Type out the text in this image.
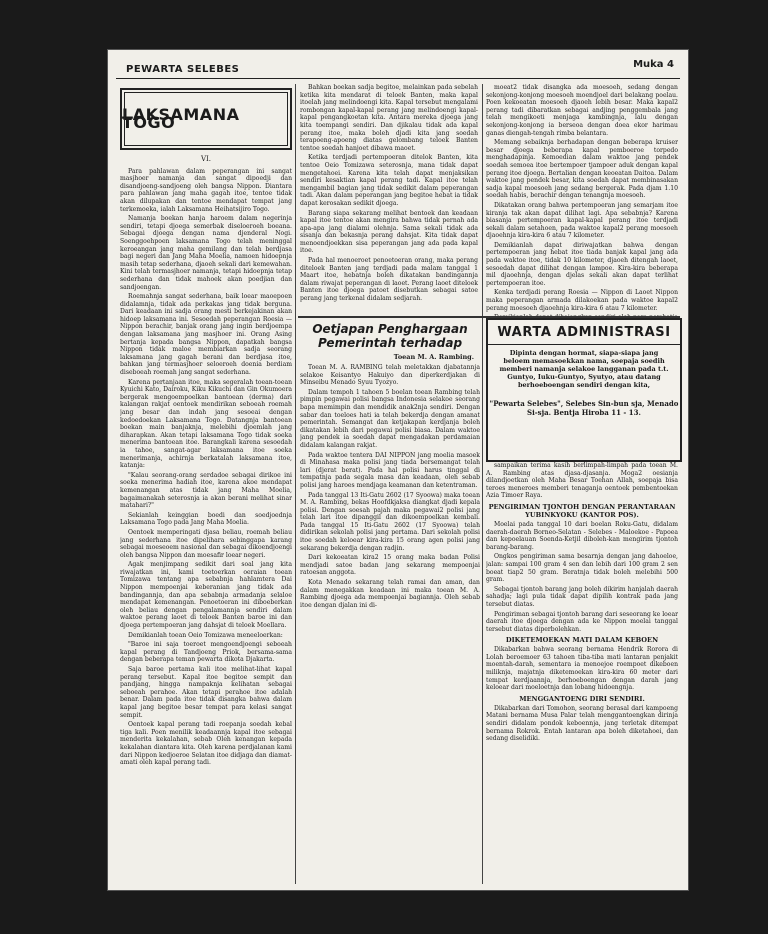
PEWARTA SELEBES	Muka 4
LAKSAMANA TOGO
VI.

Para pahlawan dalam peperangan ini sangat masjhoer namanja dan sangat dipoedji dan disandjoeng-sandjoeng oleh bangsa Nippon. Diantara para pahlawan jang maha gagah itoe, tentoe tidak akan dilupakan dan tentoe mendapat tempat jang terkemoeka, ialah Laksamana Heihatsijiro Togo.

Namanja boekan hanja haroem dalam negerinja sendiri, tetapi djoega semerbak diseloeroeh boeana. Sebagai djoega dengan nama djenderal Nogi. Soenggoehpoen laksamana Togo telah meninggal keroeangan jang maha gemilang dan telah berdjasa bagi negeri dan Jang Maha Moelia, namoen hidoepnja masih tetap sederhana, djaoeh sekali dari kemewahan. Kini telah termasjhoer namanja, tetapi hidoepnja tetap sederhana dan tidak mahoek akan poedjian dan sandjoengan.

Roemahnja sangat sederhana, baik loear maoepoen didalamnja, tidak ada perkakas jang tidak berguna. Dari keadaan ini sadja orang mesti berkejakinan akan hidoep laksamana ini. Sesoedah peperangan Roesia — Nippon berachir, banjak orang jang ingin berdjoempa dengan laksamana jang masjhoer ini. Orang Asing bertanja kepada bangsa Nippon, dapatkah bangsa Nippon tidak maloe membiarkan sadja seorang laksamana jang gagah berani dan berdjasa itoe, bahkan jang termasjhoer seloeroeh doenia berdiam diseboeah roemah jang sangat sederhana.

Karena pertanjaan itoe, maka segeralah toean-toean Kyuichi Kato, Dairoku, Kiku Kikuchi dan Gin Okumoera bergerak mengoempoelkan bantoean (derma) dari kalangan rakjat oentoek mendirikan seboeah roemah jang besar dan indah jang sesoeai dengan kedoedoekan Laksamana Togo. Datangnja bantoean boekan main banjaknja, melebihi djoemlah jang diharapkan. Akan tetapi laksamana Togo tidak soeka menerima bantoean itoe. Barangkali karena sesoedah ia tahoe, sangat-agar laksamana itoe soeka menerimanja, achirnja berkatalah laksamana itoe, katanja:

"Kalau seorang-orang serdadoe sebagai dirikoe ini soeka menerima hadiah itoe, karena akoe mendapat kemenangan atas tidak jang Maha Moelia, bagaimanakah seterosnja ia akan berani melihat sinar matahari?"

Sekianlah keinggian boedi dan soedjoednja Laksamana Togo pada Jang Maha Moelia.

Oentoek memperingati djasa beliau, roemah beliau jang sederhana itoe dipelihara sebinggapa karang sebagai moeseoem nasional dan sebagai dikoendjoengi oleh bangsa Nippon dan moesafir loear negeri.

Agak menjimpang sedikit dari soal jang kita riwajatkan ini, kami toetoerkan oeraian toean Tomizawa tentang apa sebabnja hahlamtera Dai Nippon mempoenjai keberanian jang tidak ada bandingannja, dan apa sebabnja armadanja selaloe mendapat kemenangan. Penoetoeran ini diboeberkan oleh beliau dengan pengalamannja sendiri dalam waktoe perang laoet di teloek Banten baroe ini dan djoega pertempoeran jang dahsjat di teloek Moellara.

Demikianlah toean Oeio Tomizawa meneeloerkan:

"Baroe ini saja toeroet mengoendjoengi seboeah kapal perang di Tandjoeng Priok, bersama-sama dengan beberapa teman pewarta dikota Djakarta.

Saja baroe pertama kali itoe melihat-lihat kapal perang tersebut. Kapal itoe begitoe sempit dan pandjang, hingga nampaknja kelihatan sebagai seboeah perahoe. Akan tetapi perahoe itoe adalah benar. Dalam pada itoe tidak disangka bahwa dalam kapal jang begitoe besar tempat para kelasi sangat sempit.

Oentoek kapal perang tadi roepanja soedah kebal tiga kali. Poen menilik keadaannja kapal itoe sebagai menderita kekalahan, sebab Oleh kenangan kepada kekalahan diantara kita. Oleh karena perdjalanan kami dari Nippon kedjoeroe Selatan itoe didjaga dan diamat-amati oleh kapal perang tadi.

Bahkan boekan sadja begitoe, melainkan pada sebelah ketika kita mendarat di teloek Banten, maka kapal itoelah jang melindoengi kita. Kapal tersebut mengalami rombongan kapal-kapal perang jang melindoengi kapal-kapal pengangkoetan kita. Antara mereka djoega jang kita toempangi sendiri. Dan djikalau tidak ada kapal perang itoe, maka boleh djadi kita jang soedah terapoeng-apoeng diatas gelombang teloek Banten tentoe soedah hanjoet dibawa maoet.

Ketika terdjadi pertempoeran ditelok Banten, kita tentoe Oeio Tomizawa seterosnja, mana tidak dapat mengetahoei. Karena kita telah dapat menjaksikan sendiri kesaktian kapal perang tadi. Kapal itoe telah mengambil bagian jang tidak sedikit dalam peperangan tadi. Akan dalam peperangan jang begitoe hebat ia tidak dapat kerosakan sedikit djoega.

Barang siapa sekarang melihat bentoek dan keadaan kapal itoe tentoe akan mengira bahwa tidak pernah ada apa-apa jang dialami olehnja. Sama sekali tidak ada sisanja dan bekasnja perang dahsjat. Kita tidak dapat menoendjoekkan sisa peperangan jang ada pada kapal itoe.

Pada hal menoeroet penoetoeran orang, maka perang diteloek Banten jang terdjadi pada malam tanggal 1 Maart itoe, hebatnja boleh dikatakan bandingannja dalam riwajat peperangan di laoet. Perang laoet diteloek Banten itoe djoega patoet disebutkan sebagai satoe perang jang terkenal didalam sedjarah.

moeat2 tidak disangka ada moesoeh, sedang dengan sekonjong-konjong moesoeh moendjoel dari belakang poelau. Poen kekoeatan moesoeh djaoeh lebih besar. Maka kapal2 perang tadi dibaratkan sebagai andjing penggembala jang telah mengikoeti menjaga kambingnja, lalu dengan sekonjong-konjong ia berseoa dengan doea ekor harimau ganas diengah-tengah rimba belantara.

Memang sebaiknja berhadapan dengan beberapa kruiser besar djoega beberapa kapal pemboeroe torpedo menghadapinja. Kemoedian dalam waktoe jang pendek soedah semoea itoe bertempoer tjampoer aduk dengan kapal perang itoe djoega. Bertalian dengan keoeatan Daitoa. Dalam waktoe jang pendek besar, kita soedah dapat membinasakan sadja kapal moesoeh jang sedang bergerak. Pada djam 1.10 soedah habis, berachir dengan tenangnja moesoeh.

Dikatakan orang bahwa pertempoeran jang semarjam itoe kiranja tak akan dapat dilihat lagi. Apa sebabnja? Karena biasanja pertempoeran kapal-kapal perang itoe terdjadi sekali dalam setahoen, pada waktoe kapal2 perang moesoeh djaoehnja kira-kira 6 atau 7 kilometer.

Demikianlah dapat diriwajatkan bahwa dengan pertempoeran jang hebat itoe tiada banjak kapal jang ada pada waktoe itoe, tidak 10 kilometer, djaoeh ditengah laoet, sesoedah dapat dilihat dengan lampoe. Kira-kira beberapa mil djaoehnja, dengan djelas sekali akan dapat terlihat pertempoeran itoe.

Kenka terdjadi perang Roesia — Nippon di Laoet Nippon maka peperangan armada dilakoekan pada waktoe kapal2 perang moesoeh djaoehnja kira-kira 6 atau 7 kilometer.

Oetjapan Penghargaan Pemerintah terhadap
Toean M. A. Rambing.

Toean M. A. RAMBING telah meletakkan djabatannja selakoe Keisantyo Hakuiyo dan diperkerdjakan di Minseibu Menado Syuu Tyozyo.

Dalam tempoh 1 tahoen 5 boelan toean Rambing telah pimpin pegawai polisi bangsa Indonesia selakoe seorang bapa memimpin dan mendidik anak2nja sendiri. Dengan sabar dan toeloes hati ia telah bekerdja dengan amanat pemerintah. Semangat dan ketjakapan kerdjanja boleh dikatakan lebih dari pegawai polisi biasa. Dalam waktoe jang pendek ia soedah dapat mengadakan perdamaian didalam kalangan rakjat.

Pada waktoe tentera DAI NIPPON jang moelia masoek di Minahasa maka polisi jang tiada bersemangat telah lari (djerat berat). Pada hal polisi harus tinggal di tempatnja pada segala masa dan keadaan, oleh sebab polisi jang haroes mendjaga keamanan dan ketentraman.

Pada tanggal 13 Iti-Gatu 2602 (17 Syoowa) maka toean M. A. Rambing, bekas Hoofdkjaksa diangkat djadi kepala polisi. Dengan soesah pajah maka pegawai2 polisi jang telah lari itoe dipanggil dan dikoempoelkan kembali. Pada tanggal 15 Iti-Gatu 2602 (17 Syoowa) telah didirikan sekolah polisi jang pertama. Dari sekolah polisi itoe soedah keloear kira-kira 15 orang agen polisi jang sekarang bekerdja dengan radjin.

Dari kekoeatan kira2 15 orang maka badan Polisi mendjadi satoe badan jang sekarang mempoenjai ratoesan anggota.

Kota Menado sekarang telah ramai dan aman, dan dalam menegakkan keadaan ini maka toean M. A. Rambing djoega ada mempoenjai bagiannja. Oleh sebab itoe dengan djalan ini di-

WARTA ADMINISTRASI
Dipinta dengan hormat, siapa-siapa jang beloem memasoekkan nama, soepaja soedih memberi namanja selakoe langganan pada t.t. Guntyo, Iuku-Guntyo, Syutyo, atau datang berhoeboengan sendiri dengan kita,
"Pewarta Selebes", Selebes Sin-bun sja, Menado Si-sja. Bentja Hiroba 11 - 13.

sampaikan terima kasih berlimpah-limpah pada toean M. A. Rambing atas djasa-djasanja. Moga2 oesianja dilandjoetkan oleh Maha Besar Toehan Allah, soepaja bisa teroes meneroes memberi tenaganja oentoek pembentoekan Azia Timoer Raya.

PENGIRIMAN TJONTOH DENGAN PERANTARAAN YUBINKYOKU (KANTOR POS).

Moelai pada tanggal 10 dari boelan Roku-Gatu, didalam daerah-daerah Borneo-Selatan - Selebes - Maloekoe - Papoea dan kepoelauan Soenda-Ketjil diboleh-kan mengirim tjontoh barang-barang.

Ongkos pengiriman sama besarnja dengan jang dahoeloe, jalan: sampai 100 gram 4 sen dan lebih dari 100 gram 2 sen boeat tiap2 50 gram. Beratnja tidak boleh melebihi 500 gram.

Sebagai tjontoh barang jang boleh dikirim hanjalah daerah sahadja; lagi pula tidak dapat dipilih kontrak pada jang tersebut diatas.

Pengiriman sebagai tjontoh barang dari seseorang ke loear daerah itoe djoega dengan ada ke Nippon moelai tanggal tersebut diatas diperbolehkan.

DIKETEMOEKAN MATI DALAM KEBOEN

Dikabarkan bahwa seorang bernama Hendrik Rorora di Lolah beroemoer 63 tahoen tiba-tiba mati lantaran penjakit moentah-darah, sementara ia menoejoe roempoet dikeboen miliknja, majatnja diketemoekan kira-kira 60 meter dari tempat kerdjaannja, berhoeboengan dengan darah jang keloear dari moeloetnja dan lobang hidoengnja.

MENGGANTOENG DIRI SENDIRI.

Dikabarkan dari Tomohon, seorang berasal dari kampoeng Matani bernama Musa Palar telah menggantoengkan dirinja sendiri didalam pondok keboennja, jang terletak ditempat bernama Rokrok. Entah lantaran apa boleh diketahoei, dan sedang diselidiki.
